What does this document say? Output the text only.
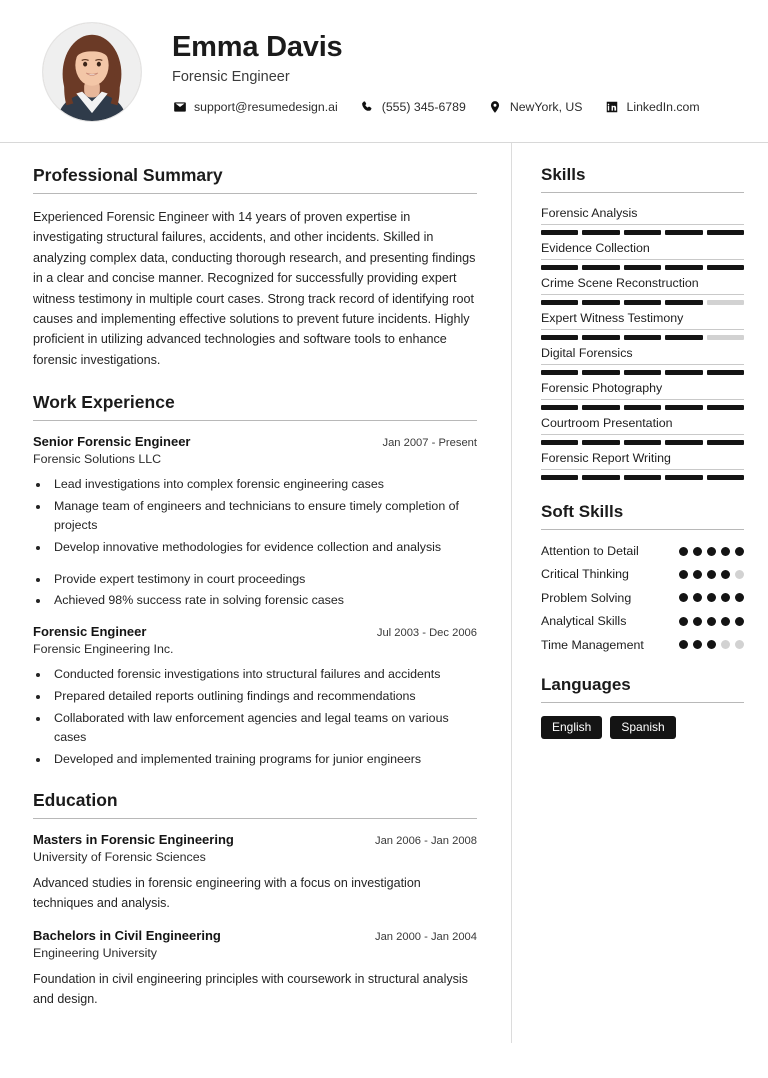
Emma Davis
Forensic Engineer
support@resumedesign.ai	(555) 345-6789	NewYork, US	LinkedIn.com
Professional Summary
Experienced Forensic Engineer with 14 years of proven expertise in investigating structural failures, accidents, and other incidents. Skilled in analyzing complex data, conducting thorough research, and presenting findings in a clear and concise manner. Recognized for successfully providing expert witness testimony in multiple court cases. Strong track record of identifying root causes and implementing effective solutions to prevent future incidents. Highly proficient in utilizing advanced technologies and software tools to enhance forensic investigations.
Work Experience
Senior Forensic Engineer	Jan 2007 - Present
Forensic Solutions LLC
• Lead investigations into complex forensic engineering cases
• Manage team of engineers and technicians to ensure timely completion of projects
• Develop innovative methodologies for evidence collection and analysis
• Provide expert testimony in court proceedings
• Achieved 98% success rate in solving forensic cases
Forensic Engineer	Jul 2003 - Dec 2006
Forensic Engineering Inc.
• Conducted forensic investigations into structural failures and accidents
• Prepared detailed reports outlining findings and recommendations
• Collaborated with law enforcement agencies and legal teams on various cases
• Developed and implemented training programs for junior engineers
Education
Masters in Forensic Engineering	Jan 2006 - Jan 2008
University of Forensic Sciences
Advanced studies in forensic engineering with a focus on investigation techniques and analysis.
Bachelors in Civil Engineering	Jan 2000 - Jan 2004
Engineering University
Foundation in civil engineering principles with coursework in structural analysis and design.
Skills
Forensic Analysis
Evidence Collection
Crime Scene Reconstruction
Expert Witness Testimony
Digital Forensics
Forensic Photography
Courtroom Presentation
Forensic Report Writing
Soft Skills
Attention to Detail
Critical Thinking
Problem Solving
Analytical Skills
Time Management
Languages
English	Spanish
